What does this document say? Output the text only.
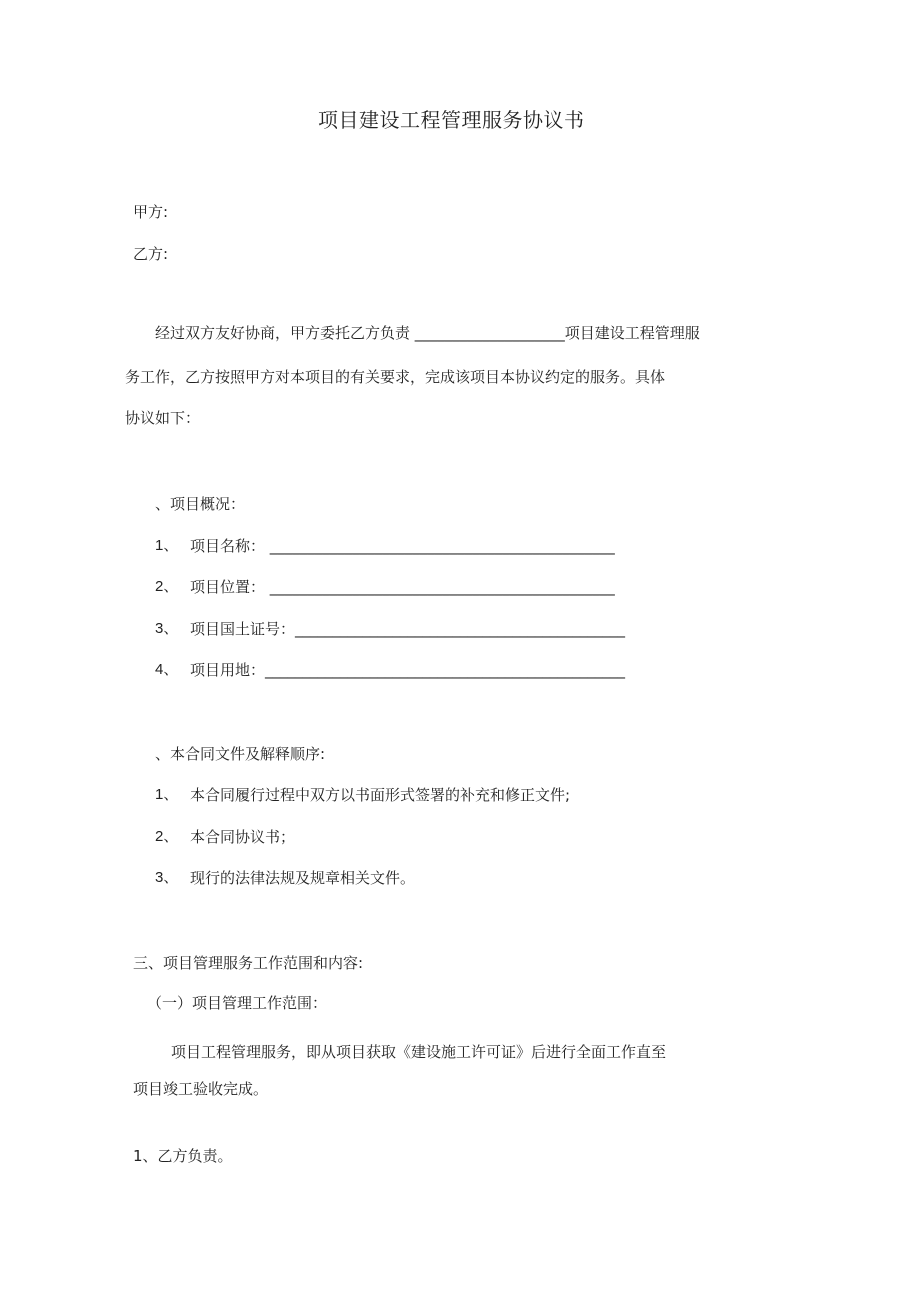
项目建设工程管理服务协议书
甲方:
乙方:
经过双方友好协商，甲方委托乙方负责 ____________________项目建设工程管理服
务工作，乙方按照甲方对本项目的有关要求，完成该项目本协议约定的服务。具体
协议如下：
、项目概况：
1、 项目名称： ______________________________________________
2、 项目位置： ______________________________________________
3、 项目国土证号：____________________________________________
4、 项目用地：________________________________________________
、本合同文件及解释顺序:
1、 本合同履行过程中双方以书面形式签署的补充和修正文件;
2、 本合同协议书；
3、 现行的法律法规及规章相关文件。
三、项目管理服务工作范围和内容:
（一）项目管理工作范围：
项目工程管理服务，即从项目获取《建设施工许可证》后进行全面工作直至
项目竣工验收完成。
1、乙方负责。
